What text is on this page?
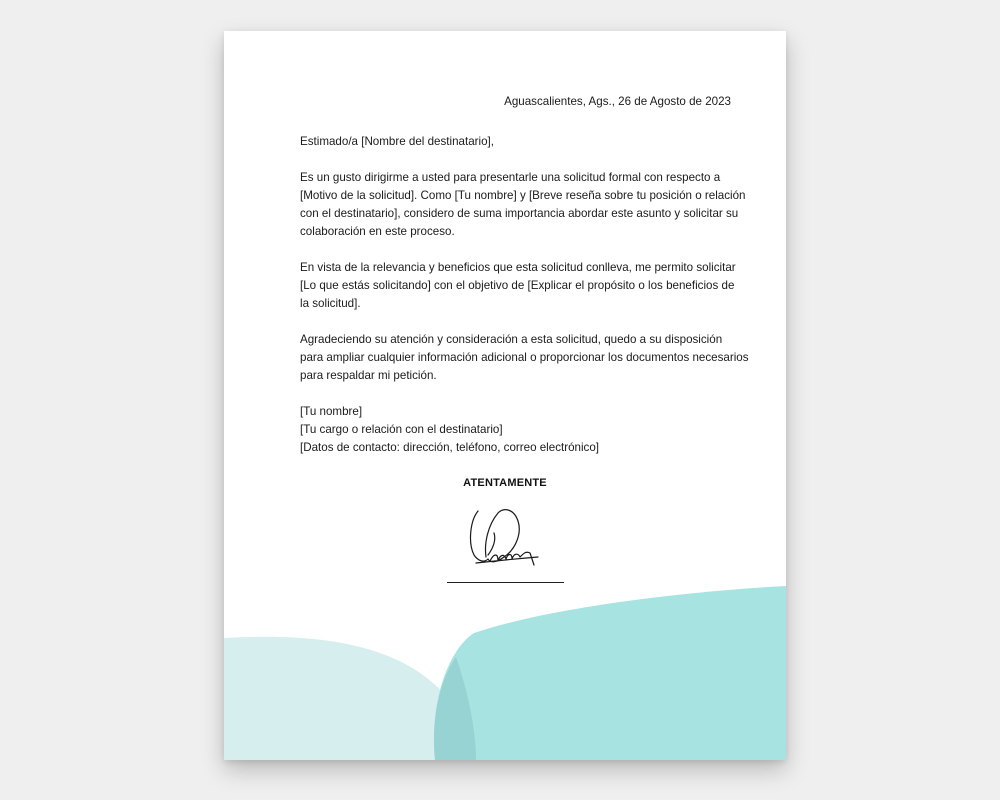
Aguascalientes, Ags., 26 de Agosto de 2023
Estimado/a [Nombre del destinatario],
Es un gusto dirigirme a usted para presentarle una solicitud formal con respecto a
[Motivo de la solicitud]. Como [Tu nombre] y [Breve reseña sobre tu posición o relación
con el destinatario], considero de suma importancia abordar este asunto y solicitar su
colaboración en este proceso.
En vista de la relevancia y beneficios que esta solicitud conlleva, me permito solicitar
[Lo que estás solicitando] con el objetivo de [Explicar el propósito o los beneficios de
la solicitud].
Agradeciendo su atención y consideración a esta solicitud, quedo a su disposición
para ampliar cualquier información adicional o proporcionar los documentos necesarios
para respaldar mi petición.
[Tu nombre]
[Tu cargo o relación con el destinatario]
[Datos de contacto: dirección, teléfono, correo electrónico]
ATENTAMENTE
